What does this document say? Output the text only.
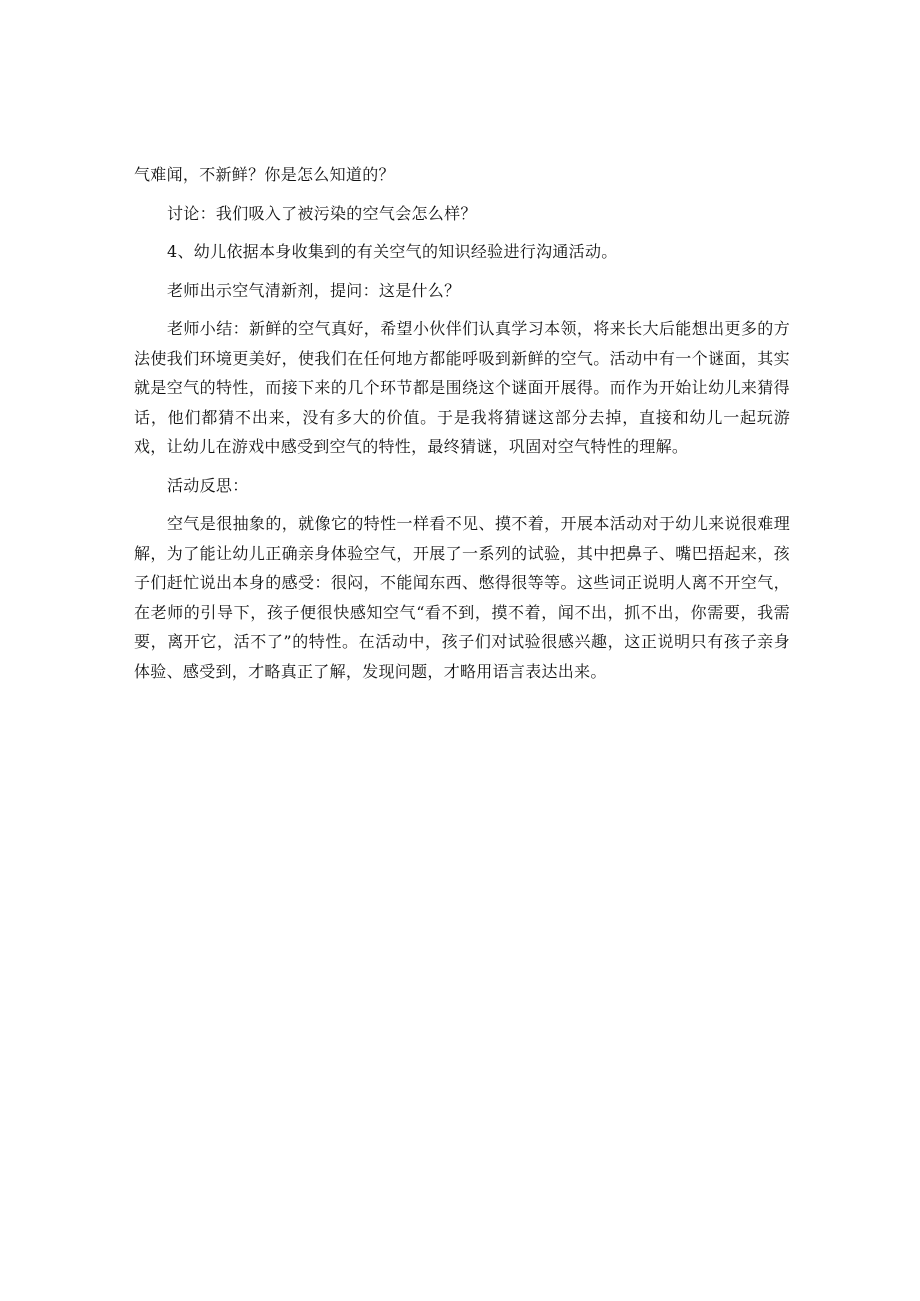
气难闻，不新鲜？你是怎么知道的？

讨论：我们吸入了被污染的空气会怎么样？

4、幼儿依据本身收集到的有关空气的知识经验进行沟通活动。

老师出示空气清新剂，提问：这是什么？

老师小结：新鲜的空气真好，希望小伙伴们认真学习本领，将来长大后能想出更多的方法使我们环境更美好，使我们在任何地方都能呼吸到新鲜的空气。活动中有一个谜面，其实就是空气的特性，而接下来的几个环节都是围绕这个谜面开展得。而作为开始让幼儿来猜得话，他们都猜不出来，没有多大的价值。于是我将猜谜这部分去掉，直接和幼儿一起玩游戏，让幼儿在游戏中感受到空气的特性，最终猜谜，巩固对空气特性的理解。

活动反思：

空气是很抽象的，就像它的特性一样看不见、摸不着，开展本活动对于幼儿来说很难理解，为了能让幼儿正确亲身体验空气，开展了一系列的试验，其中把鼻子、嘴巴捂起来，孩子们赶忙说出本身的感受：很闷，不能闻东西、憋得很等等。这些词正说明人离不开空气，在老师的引导下，孩子便很快感知空气“看不到，摸不着，闻不出，抓不出，你需要，我需要，离开它，活不了”的特性。在活动中，孩子们对试验很感兴趣，这正说明只有孩子亲身体验、感受到，才略真正了解，发现问题，才略用语言表达出来。
